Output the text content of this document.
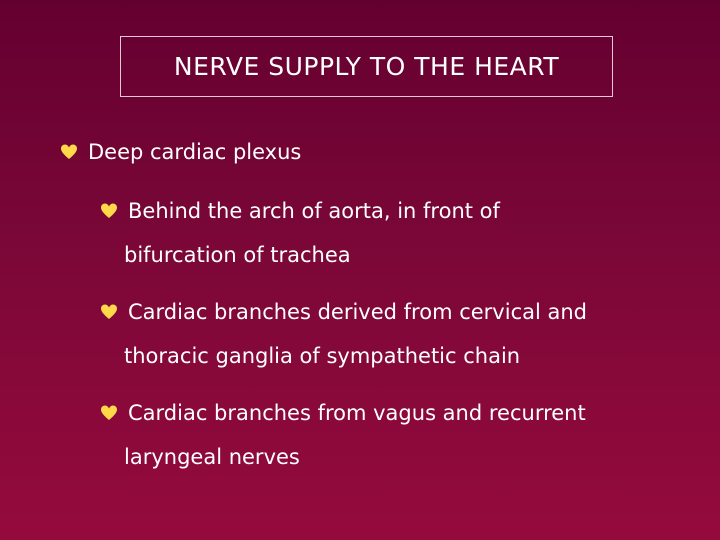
NERVE SUPPLY TO THE HEART
Deep cardiac plexus
Behind the arch of aorta, in front of
bifurcation of trachea
Cardiac branches derived from cervical and
thoracic ganglia of sympathetic chain
Cardiac branches from vagus and recurrent
laryngeal nerves
